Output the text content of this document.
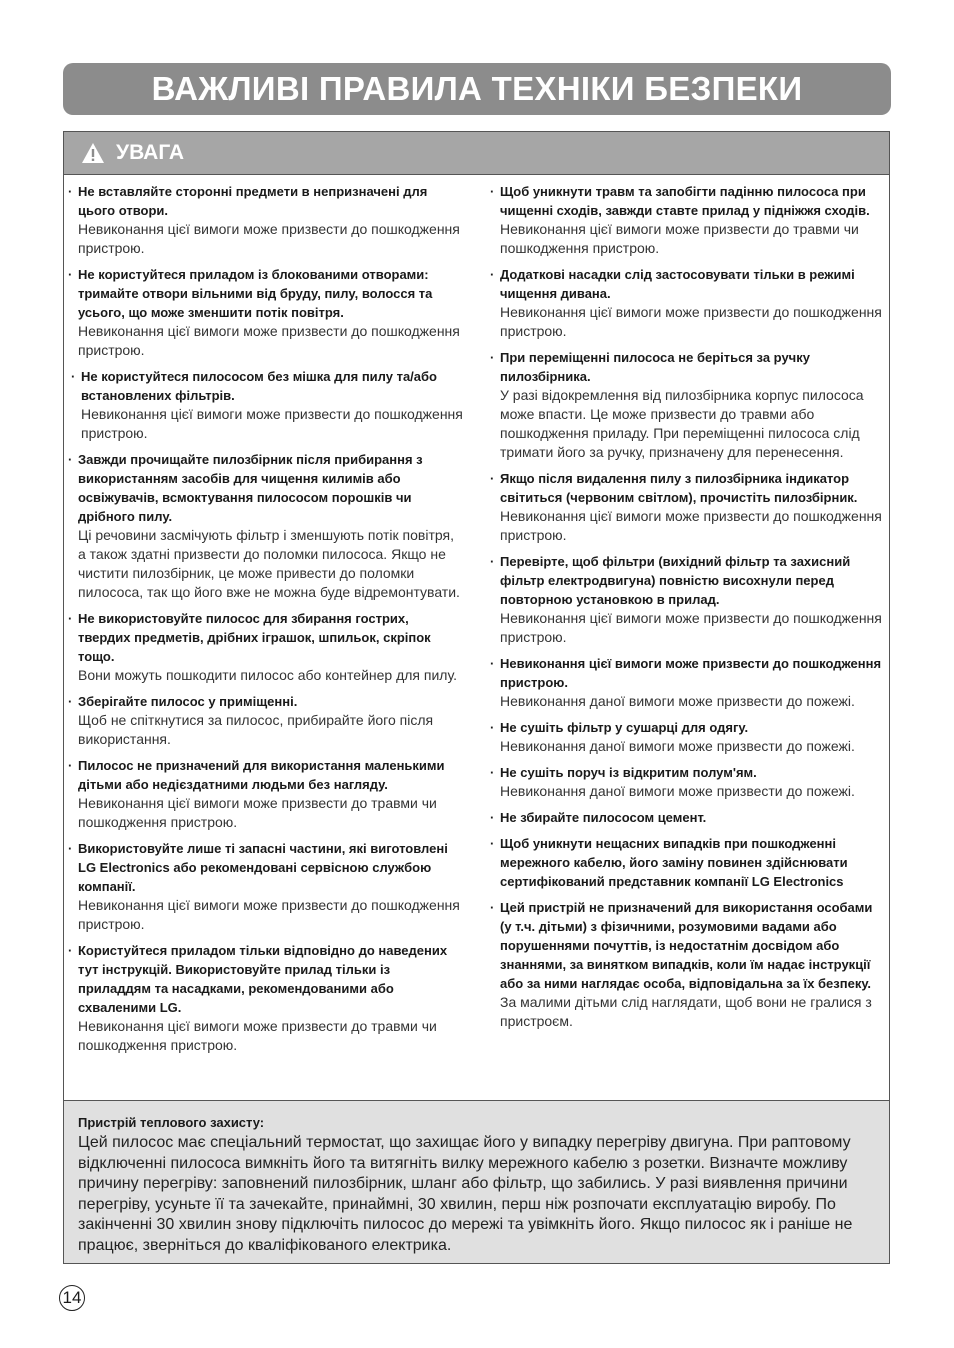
ВАЖЛИВІ ПРАВИЛА ТЕХНІКИ БЕЗПЕКИ
УВАГА
· Не вставляйте сторонні предмети в непризначені для цього отвори.
Невиконання цієї вимоги може призвести до пошкодження пристрою.
· Не користуйтеся приладом із блокованими отворами: тримайте отвори вільними від бруду, пилу, волосся та усього, що може зменшити потік повітря.
Невиконання цієї вимоги може призвести до пошкодження пристрою.
· Не користуйтеся пилососом без мішка для пилу та/або встановлених фільтрів.
Невиконання цієї вимоги може призвести до пошкодження пристрою.
· Завжди прочищайте пилозбірник після прибирання з використанням засобів для чищення килимів або освіжувачів, всмоктування пилососом порошків чи дрібного пилу.
Ці речовини засмічують фільтр і зменшують потік повітря, а також здатні призвести до поломки пилососа. Якщо не чистити пилозбірник, це може привести до поломки пилососа, так що його вже не можна буде відремонтувати.
· Не використовуйте пилосос для збирання гострих, твердих предметів, дрібних іграшок, шпильок, скріпок тощо.
Вони можуть пошкодити пилосос або контейнер для пилу.
· Зберігайте пилосос у приміщенні.
Щоб не спіткнутися за пилосос, прибирайте його після використання.
· Пилосос не призначений для використання маленькими дітьми або недієздатними людьми без нагляду.
Невиконання цієї вимоги може призвести до травми чи пошкодження пристрою.
· Використовуйте лише ті запасні частини, які виготовлені LG Electronics або рекомендовані сервісною службою компанії.
Невиконання цієї вимоги може призвести до пошкодження пристрою.
· Користуйтеся приладом тільки відповідно до наведених тут інструкцій. Використовуйте прилад тільки із приладдям та насадками, рекомендованими або схваленими LG.
Невиконання цієї вимоги може призвести до травми чи пошкодження пристрою.
· Щоб уникнути травм та запобігти падінню пилососа при чищенні сходів, завжди ставте прилад у підніжжя сходів.
Невиконання цієї вимоги може призвести до травми чи пошкодження пристрою.
· Додаткові насадки слід застосовувати тільки в режимі чищення дивана.
Невиконання цієї вимоги може призвести до пошкодження пристрою.
· При переміщенні пилососа не беріться за ручку пилозбірника.
У разі відокремлення від пилозбірника корпус пилососа може впасти. Це може призвести до травми або пошкодження приладу. При переміщенні пилососа слід тримати його за ручку, призначену для перенесення.
· Якщо після видалення пилу з пилозбірника індикатор світиться (червоним світлом), прочистіть пилозбірник.
Невиконання цієї вимоги може призвести до пошкодження пристрою.
· Перевірте, щоб фільтри (вихідний фільтр та захисний фільтр електродвигуна) повністю висохнули перед повторною установкою в прилад.
Невиконання цієї вимоги може призвести до пошкодження пристрою.
· Невиконання цієї вимоги може призвести до пошкодження пристрою.
Невиконання даної вимоги може призвести до пожежі.
· Не сушіть фільтр у сушарці для одягу.
Невиконання даної вимоги може призвести до пожежі.
· Не сушіть поруч із відкритим полум'ям.
Невиконання даної вимоги може призвести до пожежі.
· Не збирайте пилососом цемент.
· Щоб уникнути нещасних випадків при пошкодженні мережного кабелю, його заміну повинен здійснювати сертифікований представник компанії LG Electronics
· Цей пристрій не призначений для використання особами (у т.ч. дітьми) з фізичними, розумовими вадами або порушеннями почуттів, із недостатнім досвідом або знаннями, за винятком випадків, коли їм надає інструкції або за ними наглядає особа, відповідальна за їх безпеку.
За малими дітьми слід наглядати, щоб вони не гралися з пристроєм.
Пристрій теплового захисту:
Цей пилосос має спеціальний термостат, що захищає його у випадку перегріву двигуна. При раптовому відключенні пилососа вимкніть його та витягніть вилку мережного кабелю з розетки. Визначте можливу причину перегріву: заповнений пилозбірник, шланг або фільтр, що забились. У разі виявлення причини перегріву, усуньте її та зачекайте, принаймні, 30 хвилин, перш ніж розпочати експлуатацію виробу. По закінченні 30 хвилин знову підключіть пилосос до мережі та увімкніть його. Якщо пилосос як і раніше не працює, зверніться до кваліфікованого електрика.
14
